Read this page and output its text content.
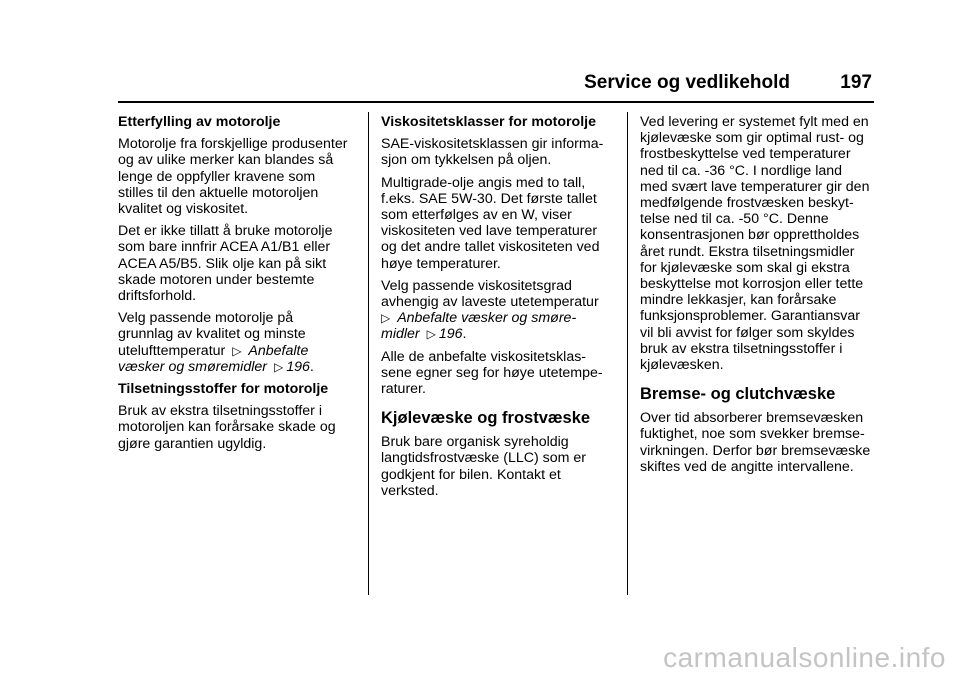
Service og vedlikehold	197
Etterfylling av motorolje

Motorolje fra forskjellige produsenter
og av ulike merker kan blandes så
lenge de oppfyller kravene som
stilles til den aktuelle motoroljen
kvalitet og viskositet.

Det er ikke tillatt å bruke motorolje
som bare innfrir ACEA A1/B1 eller
ACEA A5/B5. Slik olje kan på sikt
skade motoren under bestemte
driftsforhold.

Velg passende motorolje på
grunnlag av kvalitet og minste
utelufttemperatur ▷ Anbefalte
væsker og smøremidler ▷ 196.

Tilsetningsstoffer for motorolje

Bruk av ekstra tilsetningsstoffer i
motoroljen kan forårsake skade og
gjøre garantien ugyldig.

Viskositetsklasser for motorolje

SAE-viskositetsklassen gir informa-
sjon om tykkelsen på oljen.

Multigrade-olje angis med to tall,
f.eks. SAE 5W-30. Det første tallet
som etterfølges av en W, viser
viskositeten ved lave temperaturer
og det andre tallet viskositeten ved
høye temperaturer.

Velg passende viskositetsgrad
avhengig av laveste utetemperatur
▷ Anbefalte væsker og smøre-
midler ▷ 196.

Alle de anbefalte viskositetsklas-
sene egner seg for høye utetempe-
raturer.

Kjølevæske og frostvæske

Bruk bare organisk syreholdig
langtidsfrostvæske (LLC) som er
godkjent for bilen. Kontakt et
verksted.

Ved levering er systemet fylt med en
kjølevæske som gir optimal rust- og
frostbeskyttelse ved temperaturer
ned til ca. -36 °C. I nordlige land
med svært lave temperaturer gir den
medfølgende frostvæsken beskyt-
telse ned til ca. -50 °C. Denne
konsentrasjonen bør opprettholdes
året rundt. Ekstra tilsetningsmidler
for kjølevæske som skal gi ekstra
beskyttelse mot korrosjon eller tette
mindre lekkasjer, kan forårsake
funksjonsproblemer. Garantiansvar
vil bli avvist for følger som skyldes
bruk av ekstra tilsetningsstoffer i
kjølevæsken.

Bremse- og clutchvæske

Over tid absorberer bremsevæsken
fuktighet, noe som svekker bremse-
virkningen. Derfor bør bremsevæske
skiftes ved de angitte intervallene.

carmanualsonline.info
